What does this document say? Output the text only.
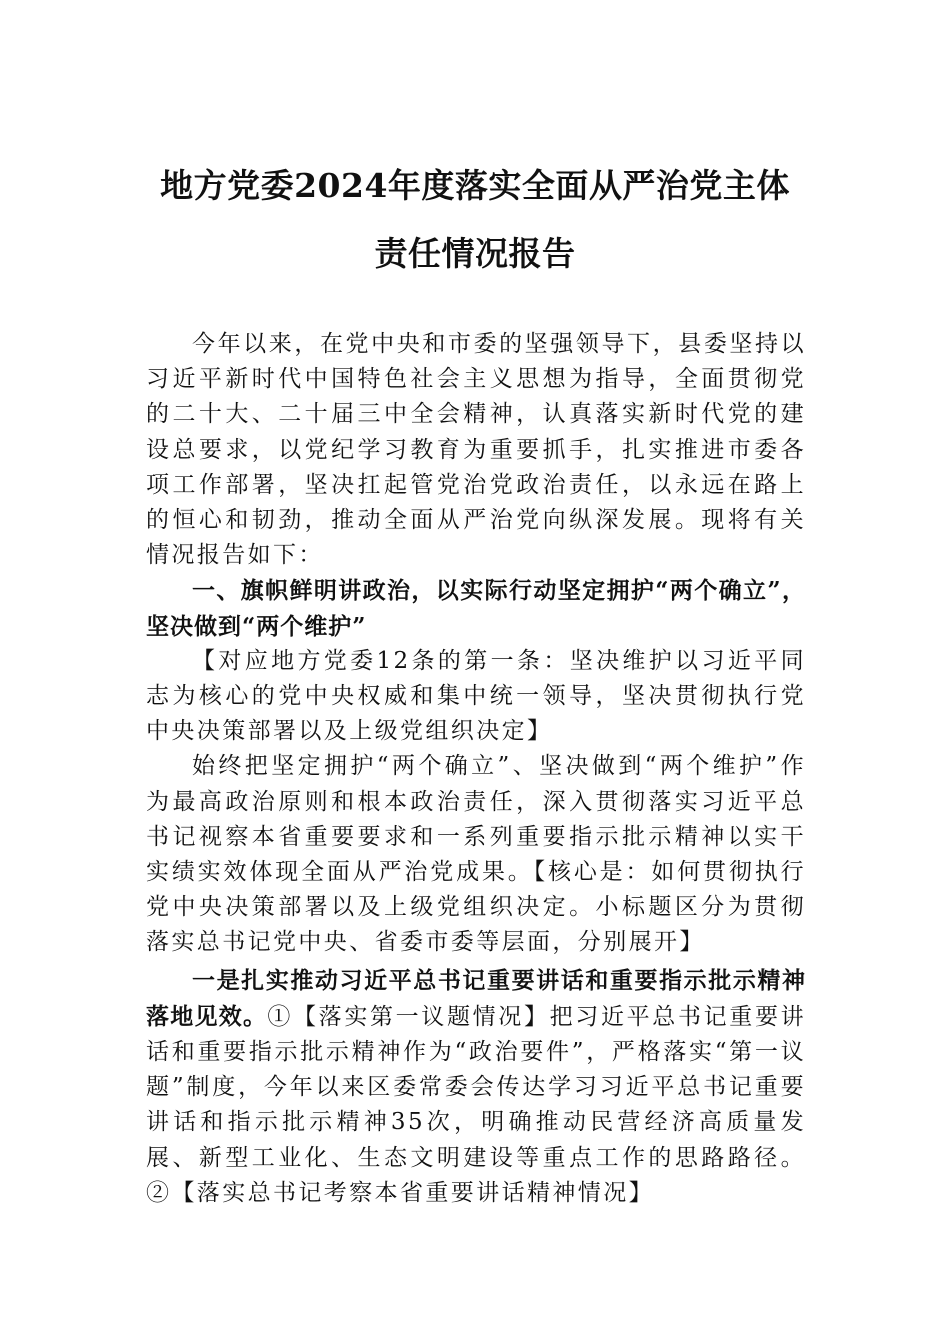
地方党委2024年度落实全面从严治党主体
责任情况报告

今年以来，在党中央和市委的坚强领导下，县委坚持以习近平新时代中国特色社会主义思想为指导，全面贯彻党的二十大、二十届三中全会精神，认真落实新时代党的建设总要求，以党纪学习教育为重要抓手，扎实推进市委各项工作部署，坚决扛起管党治党政治责任，以永远在路上的恒心和韧劲，推动全面从严治党向纵深发展。现将有关情况报告如下：

一、旗帜鲜明讲政治，以实际行动坚定拥护“两个确立”，坚决做到“两个维护”

【对应地方党委12条的第一条：坚决维护以习近平同志为核心的党中央权威和集中统一领导，坚决贯彻执行党中央决策部署以及上级党组织决定】

始终把坚定拥护“两个确立”、坚决做到“两个维护”作为最高政治原则和根本政治责任，深入贯彻落实习近平总书记视察本省重要要求和一系列重要指示批示精神以实干实绩实效体现全面从严治党成果。【核心是：如何贯彻执行党中央决策部署以及上级党组织决定。小标题区分为贯彻落实总书记党中央、省委市委等层面，分别展开】

一是扎实推动习近平总书记重要讲话和重要指示批示精神落地见效。①【落实第一议题情况】把习近平总书记重要讲话和重要指示批示精神作为“政治要件”，严格落实“第一议题”制度，今年以来区委常委会传达学习习近平总书记重要讲话和指示批示精神35次，明确推动民营经济高质量发展、新型工业化、生态文明建设等重点工作的思路路径。②【落实总书记考察本省重要讲话精神情况】
